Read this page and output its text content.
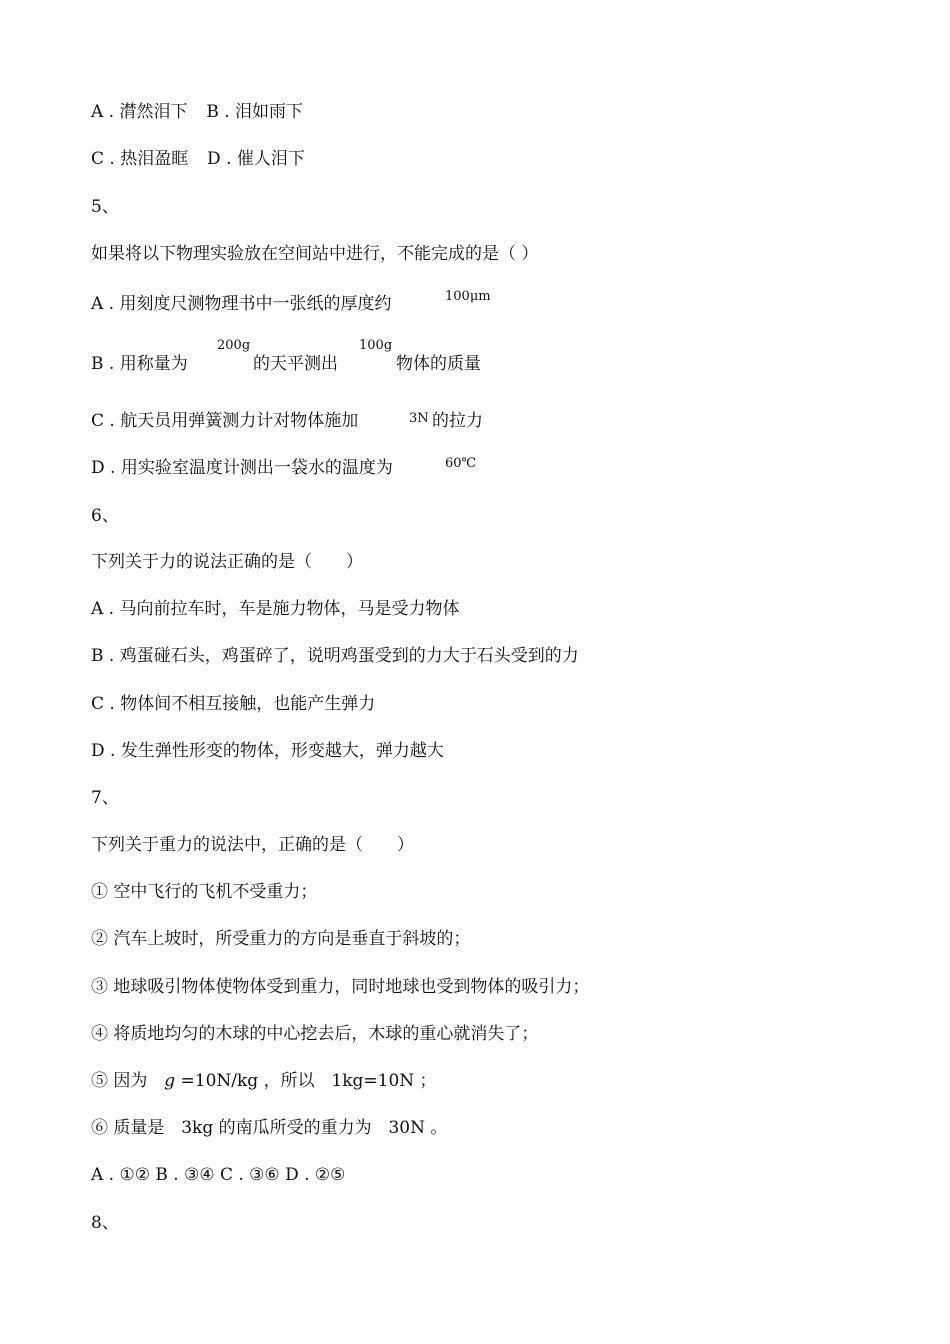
A . 潸然泪下 B . 泪如雨下
C . 热泪盈眶 D . 催人泪下
5、
如果将以下物理实验放在空间站中进行，不能完成的是（ ）
A . 用刻度尺测物理书中一张纸的厚度约	100μm
B . 用称量为
200g
的天平测出
100g
物体的质量
C . 航天员用弹簧测力计对物体施加	3N 的拉力
D . 用实验室温度计测出一袋水的温度为	60℃
6、
下列关于力的说法正确的是（　　）
A . 马向前拉车时，车是施力物体，马是受力物体
B . 鸡蛋碰石头，鸡蛋碎了，说明鸡蛋受到的力大于石头受到的力
C . 物体间不相互接触，也能产生弹力
D . 发生弹性形变的物体，形变越大，弹力越大
7、
下列关于重力的说法中，正确的是（　　）
① 空中飞行的飞机不受重力；
② 汽车上坡时，所受重力的方向是垂直于斜坡的；
③ 地球吸引物体使物体受到重力，同时地球也受到物体的吸引力；
④ 将质地均匀的木球的中心挖去后，木球的重心就消失了；
⑤ 因为 g =10N/kg ，所以 1kg=10N ；
⑥ 质量是 3kg 的南瓜所受的重力为 30N 。
A . ①② B . ③④ C . ③⑥ D . ②⑤
8、
